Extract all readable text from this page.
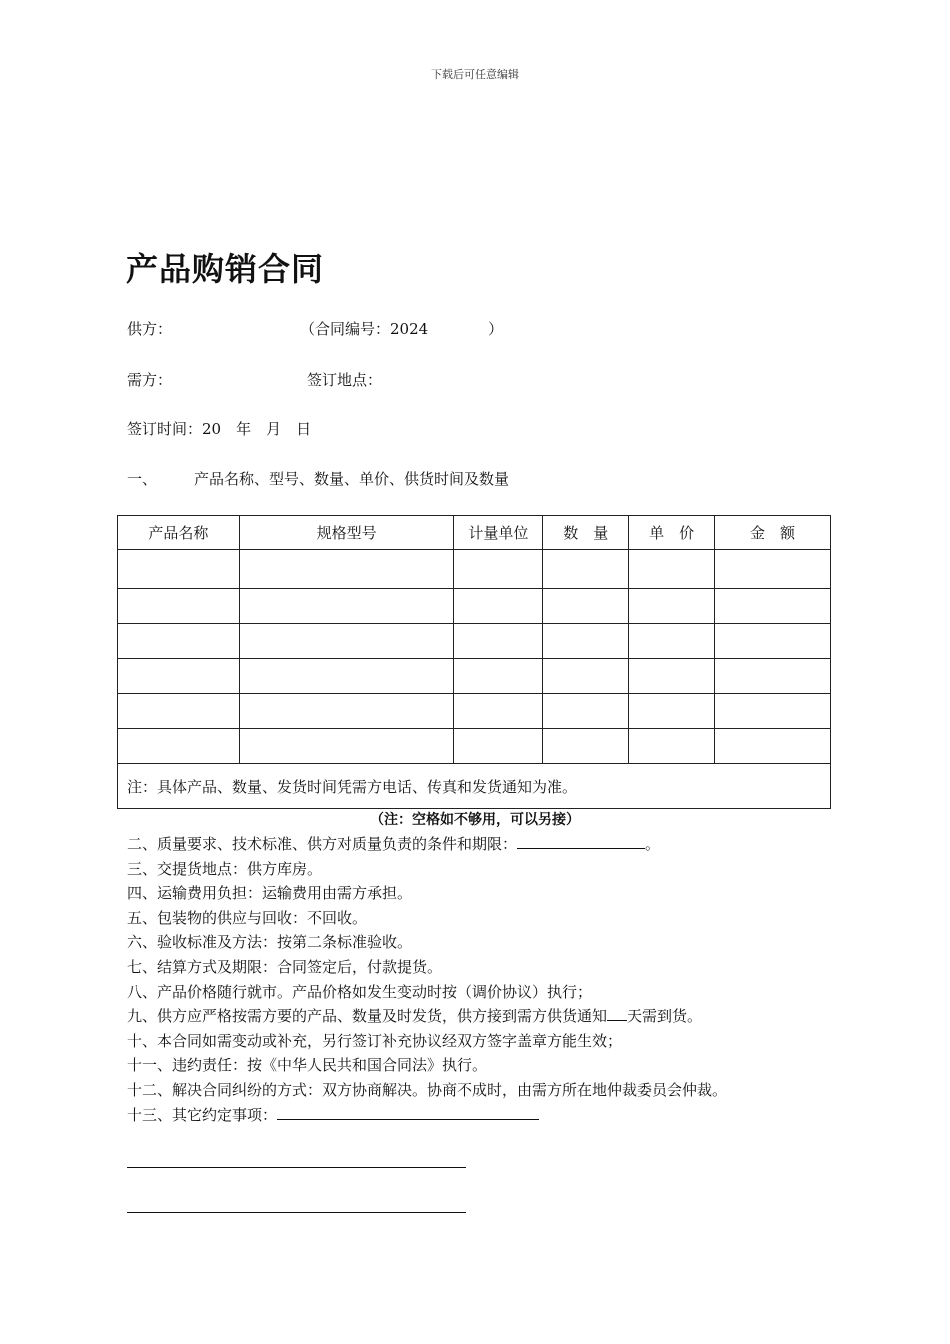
下载后可任意编辑
产品购销合同
供方：	（合同编号：2024　　　　）
需方：	签订地点：
签订时间：20　年　月　日
一、 产品名称、型号、数量、单价、供货时间及数量
产品名称	规格型号	计量单位	数　量	单　价	金　额

注：具体产品、数量、发货时间凭需方电话、传真和发货通知为准。					
（注：空格如不够用，可以另接）
二、质量要求、技术标准、供方对质量负责的条件和期限：	。
三、交提货地点：供方库房。
四、运输费用负担：运输费用由需方承担。
五、包装物的供应与回收：不回收。
六、验收标准及方法：按第二条标准验收。
七、结算方式及期限：合同签定后，付款提货。
八、产品价格随行就市。产品价格如发生变动时按（调价协议）执行；
九、供方应严格按需方要的产品、数量及时发货，供方接到需方供货通知 天需到货。
十、本合同如需变动或补充，另行签订补充协议经双方签字盖章方能生效；
十一、违约责任：按《中华人民共和国合同法》执行。
十二、解决合同纠纷的方式：双方协商解决。协商不成时，由需方所在地仲裁委员会仲裁。
十三、其它约定事项：
